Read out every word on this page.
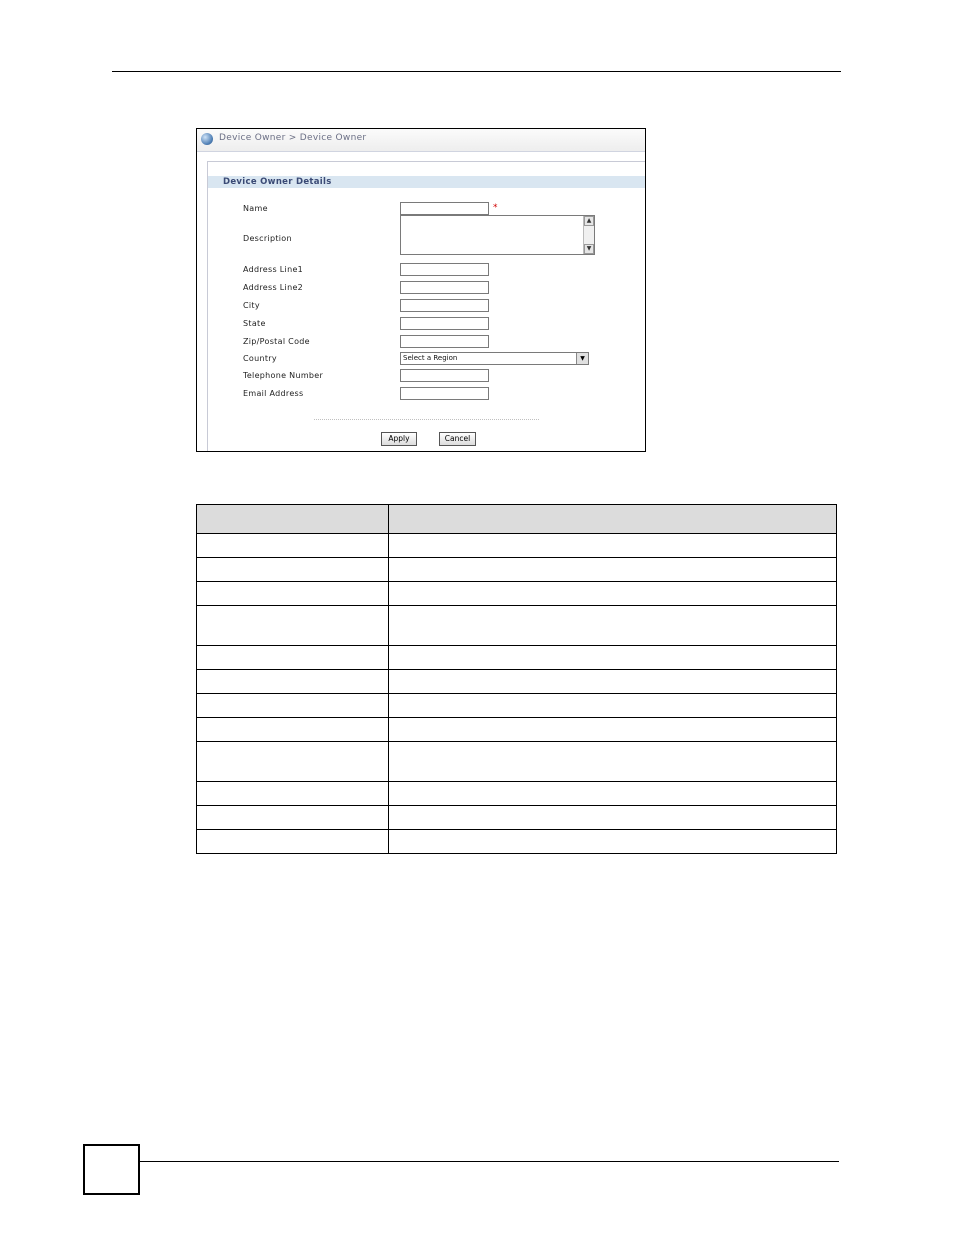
Device Owner > Device Owner
Device Owner Details
Name	*
Description
▲
▼
Address Line1
Address Line2
City
State
Zip/Postal Code
Country	Select a Region	▼
Telephone Number
Email Address
Apply	Cancel
